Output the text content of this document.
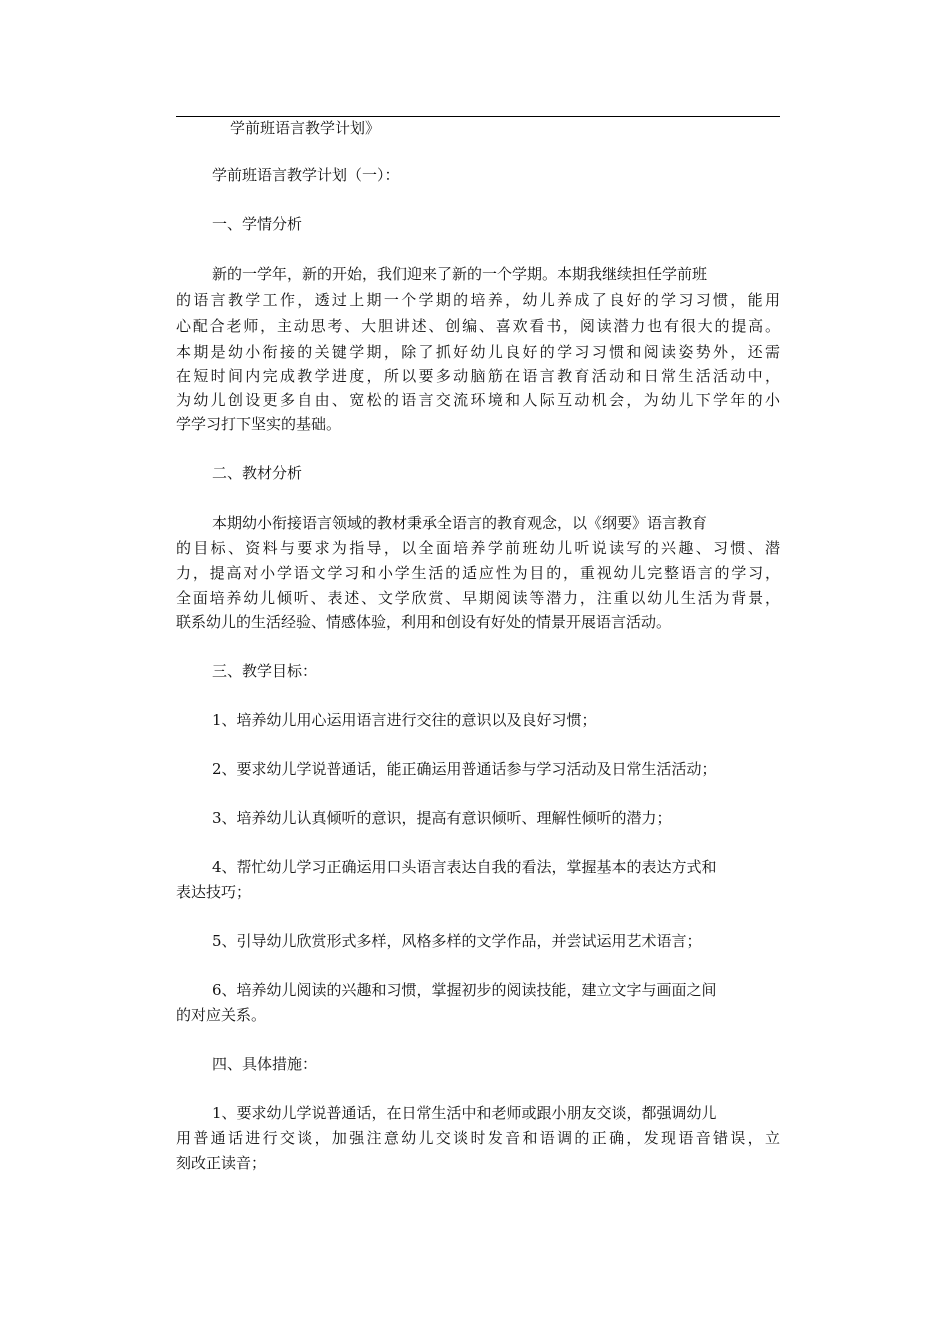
学前班语言教学计划》
学前班语言教学计划（一）：
一、学情分析
新的一学年，新的开始，我们迎来了新的一个学期。本期我继续担任学前班
的语言教学工作，透过上期一个学期的培养，幼儿养成了良好的学习习惯，能用
心配合老师，主动思考、大胆讲述、创编、喜欢看书，阅读潜力也有很大的提高。
本期是幼小衔接的关键学期，除了抓好幼儿良好的学习习惯和阅读姿势外，还需
在短时间内完成教学进度，所以要多动脑筋在语言教育活动和日常生活活动中，
为幼儿创设更多自由、宽松的语言交流环境和人际互动机会，为幼儿下学年的小
学学习打下坚实的基础。
二、教材分析
本期幼小衔接语言领域的教材秉承全语言的教育观念，以《纲要》语言教育
的目标、资料与要求为指导，以全面培养学前班幼儿听说读写的兴趣、习惯、潜
力，提高对小学语文学习和小学生活的适应性为目的，重视幼儿完整语言的学习，
全面培养幼儿倾听、表述、文学欣赏、早期阅读等潜力，注重以幼儿生活为背景，
联系幼儿的生活经验、情感体验，利用和创设有好处的情景开展语言活动。
三、教学目标：
1、培养幼儿用心运用语言进行交往的意识以及良好习惯；
2、要求幼儿学说普通话，能正确运用普通话参与学习活动及日常生活活动；
3、培养幼儿认真倾听的意识，提高有意识倾听、理解性倾听的潜力；
4、帮忙幼儿学习正确运用口头语言表达自我的看法，掌握基本的表达方式和
表达技巧；
5、引导幼儿欣赏形式多样，风格多样的文学作品，并尝试运用艺术语言；
6、培养幼儿阅读的兴趣和习惯，掌握初步的阅读技能，建立文字与画面之间
的对应关系。
四、具体措施：
1、要求幼儿学说普通话，在日常生活中和老师或跟小朋友交谈，都强调幼儿
用普通话进行交谈，加强注意幼儿交谈时发音和语调的正确，发现语音错误，立
刻改正读音；
